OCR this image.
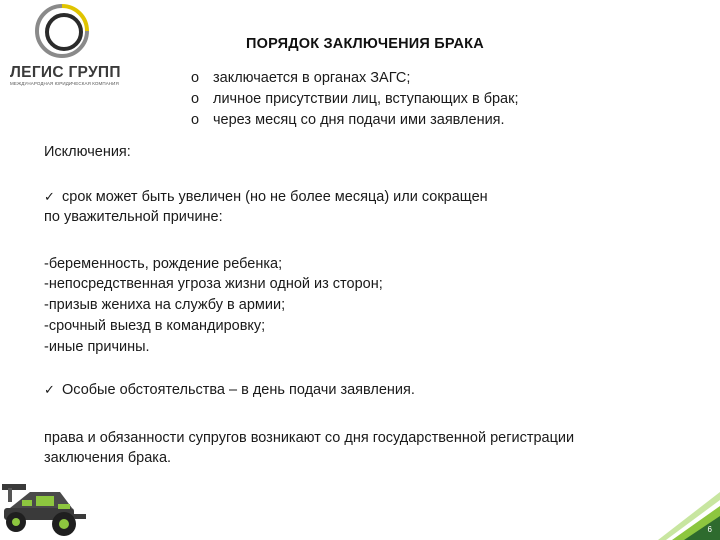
ЛЕГИС ГРУПП
МЕЖДУНАРОДНАЯ ЮРИДИЧЕСКАЯ КОМПАНИЯ
ПОРЯДОК ЗАКЛЮЧЕНИЯ БРАКА
o заключается в органах ЗАГС;
o личное присутствии лиц, вступающих в брак;
o через месяц со дня подачи ими заявления.
Исключения:
✓ срок может быть увеличен (но не более месяца) или сокращен
по уважительной причине:
-беременность, рождение ребенка;
-непосредственная угроза жизни одной из сторон;
-призыв жениха на службу в армии;
-срочный выезд в командировку;
-иные причины.
✓ Особые обстоятельства – в день подачи заявления.
права и обязанности супругов возникают со дня государственной регистрации
заключения брака.
6
